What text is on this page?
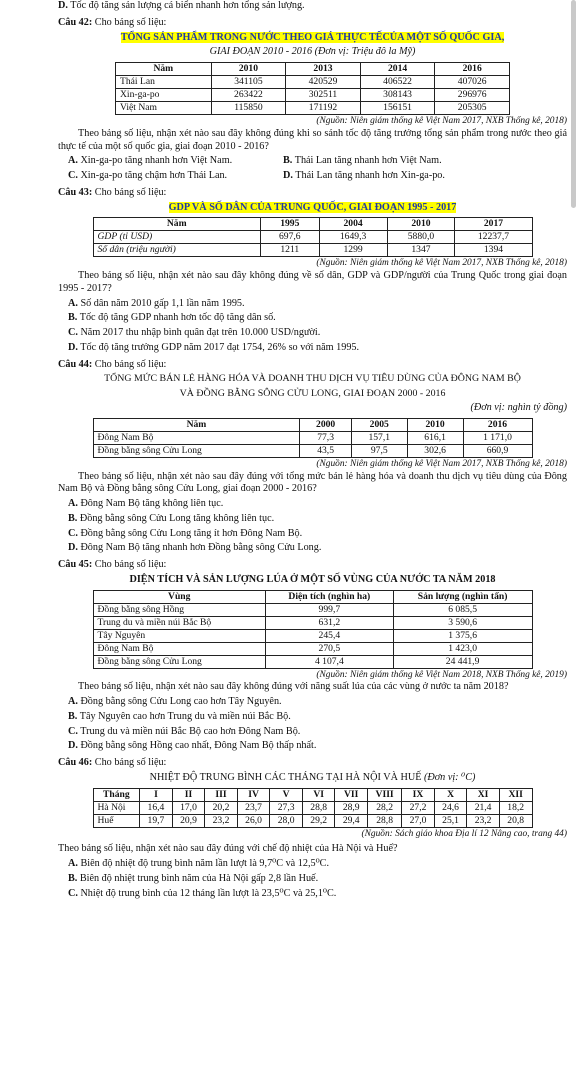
D. Tốc độ tăng sản lượng cá biển nhanh hơn tổng sản lượng.
Câu 42: Cho bảng số liệu:
TỔNG SẢN PHẨM TRONG NƯỚC THEO GIÁ THỰC TẾCỦA MỘT SỐ QUỐC GIA,
GIAI ĐOẠN 2010 - 2016 (Đơn vị: Triệu đô la Mỹ)
Năm	2010	2013	2014	2016
Thái Lan	341105	420529	406522	407026
Xin-ga-po	263422	302511	308143	296976
Việt Nam	115850	171192	156151	205305
(Nguồn: Niên giám thống kê Việt Nam 2017, NXB Thống kê, 2018)
Theo bảng số liệu, nhận xét nào sau đây không đúng khi so sánh tốc độ tăng trưởng tổng sản phẩm trong nước theo giá thực tế của một số quốc gia, giai đoạn 2010 - 2016?
A. Xin-ga-po tăng nhanh hơn Việt Nam.	B. Thái Lan tăng nhanh hơn Việt Nam.
C. Xin-ga-po tăng chậm hơn Thái Lan.	D. Thái Lan tăng nhanh hơn Xin-ga-po.
Câu 43: Cho bảng số liệu:
GDP VÀ SỐ DÂN CỦA TRUNG QUỐC, GIAI ĐOẠN 1995 - 2017
Năm	1995	2004	2010	2017
GDP (tỉ USD)	697,6	1649,3	5880,0	12237,7
Số dân (triệu người)	1211	1299	1347	1394
(Nguồn: Niên giám thống kê Việt Nam 2017, NXB Thống kê, 2018)
Theo bảng số liệu, nhận xét nào sau đây không đúng về số dân, GDP và GDP/người của Trung Quốc trong giai đoạn 1995 - 2017?
A. Số dân năm 2010 gấp 1,1 lần năm 1995.
B. Tốc độ tăng GDP nhanh hơn tốc độ tăng dân số.
C. Năm 2017 thu nhập bình quân đạt trên 10.000 USD/người.
D. Tốc độ tăng trưởng GDP năm 2017 đạt 1754, 26% so với năm 1995.
Câu 44: Cho bảng số liệu:
TỔNG MỨC BÁN LẺ HÀNG HÓA VÀ DOANH THU DỊCH VỤ TIÊU DÙNG CỦA ĐÔNG NAM BỘ
VÀ ĐỒNG BẰNG SÔNG CỬU LONG, GIAI ĐOẠN 2000 - 2016
(Đơn vị: nghìn tỷ đồng)
Năm	2000	2005	2010	2016
Đông Nam Bộ	77,3	157,1	616,1	1 171,0
Đồng bằng sông Cửu Long	43,5	97,5	302,6	660,9
(Nguồn: Niên giám thống kê Việt Nam 2017, NXB Thống kê, 2018)
Theo bảng số liệu, nhận xét nào sau đây đúng với tổng mức bán lẻ hàng hóa và doanh thu dịch vụ tiêu dùng của Đông Nam Bộ và Đồng bằng sông Cửu Long, giai đoạn 2000 - 2016?
A. Đông Nam Bộ tăng không liên tục.
B. Đồng bằng sông Cửu Long tăng không liên tục.
C. Đồng bằng sông Cửu Long tăng ít hơn Đông Nam Bộ.
D. Đông Nam Bộ tăng nhanh hơn Đồng bằng sông Cửu Long.
Câu 45: Cho bảng số liệu:
DIỆN TÍCH VÀ SẢN LƯỢNG LÚA Ở MỘT SỐ VÙNG CỦA NƯỚC TA NĂM 2018
Vùng	Diện tích (nghìn ha)	Sản lượng (nghìn tấn)
Đồng bằng sông Hồng	999,7	6 085,5
Trung du và miền núi Bắc Bộ	631,2	3 590,6
Tây Nguyên	245,4	1 375,6
Đông Nam Bộ	270,5	1 423,0
Đồng bằng sông Cửu Long	4 107,4	24 441,9
(Nguồn: Niên giám thống kê Việt Nam 2018, NXB Thống kê, 2019)
Theo bảng số liệu, nhận xét nào sau đây không đúng với năng suất lúa của các vùng ở nước ta năm 2018?
A. Đồng bằng sông Cửu Long cao hơn Tây Nguyên.
B. Tây Nguyên cao hơn Trung du và miền núi Bắc Bộ.
C. Trung du và miền núi Bắc Bộ cao hơn Đông Nam Bộ.
D. Đồng bằng sông Hồng cao nhất, Đông Nam Bộ thấp nhất.
Câu 46: Cho bảng số liệu:
NHIỆT ĐỘ TRUNG BÌNH CÁC THÁNG TẠI HÀ NỘI VÀ HUẾ (Đơn vị: ⁰C)
Tháng	I	II	III	IV	V	VI	VII	VIII	IX	X	XI	XII
Hà Nội	16,4	17,0	20,2	23,7	27,3	28,8	28,9	28,2	27,2	24,6	21,4	18,2
Huế	19,7	20,9	23,2	26,0	28,0	29,2	29,4	28,8	27,0	25,1	23,2	20,8
(Nguồn: Sách giáo khoa Địa lí 12 Nâng cao, trang 44)
Theo bảng số liệu, nhận xét nào sau đây đúng với chế độ nhiệt của Hà Nội và Huế?
A. Biên độ nhiệt độ trung bình năm lần lượt là 9,7⁰C và 12,5⁰C.
B. Biên độ nhiệt trung bình năm của Hà Nội gấp 2,8 lần Huế.
C. Nhiệt độ trung bình của 12 tháng lần lượt là 23,5⁰C và 25,1⁰C.
